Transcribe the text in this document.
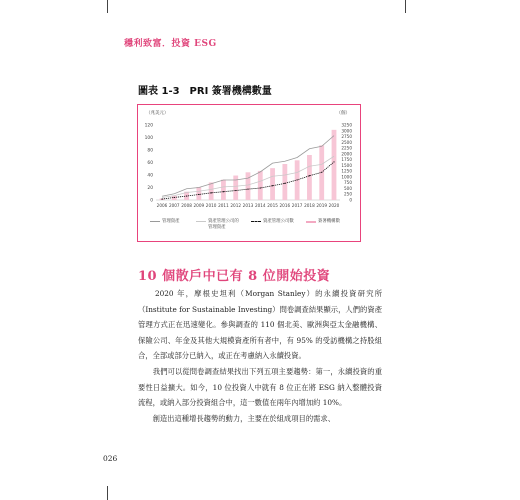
穩利致富．投資 ESG
圖表 1-3　PRI 簽署機構數量
（兆美元）	（個）
0
20
40
60
80
100
120
0
250
500
750
1000
1250
1500
1750
2000
2250
2500
2750
3000
3250
2006 2007 2008 2009 2010 2011 2012 2013 2014 2015 2016 2017 2018 2019 2020
管理資產	資產管理公司的
管理資產
資產管理公司數	簽署機構數
10 個散戶中已有 8 位開始投資

　　2020 年，摩根史坦利（Morgan Stanley）的永續投資研究所（Institute for Sustainable Investing）問卷調查結果顯示，人們的資產管理方式正在迅速變化。參與調查的 110 個北美、歐洲與亞太金融機構、保險公司、年金及其他大規模資產所有者中，有 95% 的受訪機構之持股組合，全部或部分已納入，或正在考慮納入永續投資。

　　我們可以從問卷調查結果找出下列五項主要趨勢：第一，永續投資的重要性日益擴大。如今，10 位投資人中就有 8 位正在將 ESG 納入整體投資流程，或納入部分投資組合中，這一數值在兩年內增加約 10%。

　　創造出這種增長趨勢的動力，主要在於組成項目的需求、

026
